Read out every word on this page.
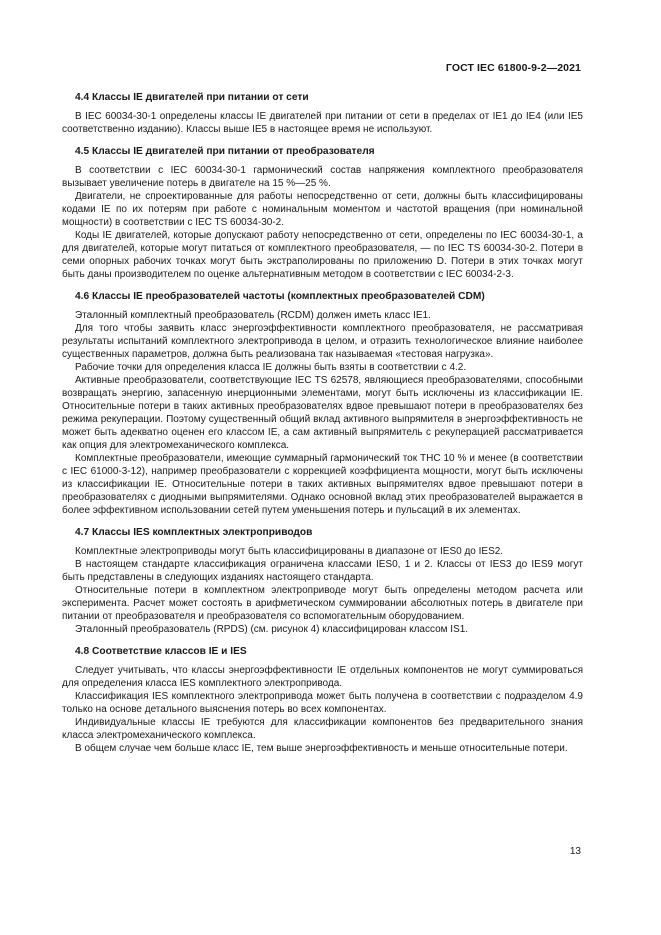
ГОСТ IEC 61800-9-2—2021

4.4 Классы IE двигателей при питании от сети

В IEC 60034-30-1 определены классы IE двигателей при питании от сети в пределах от IE1 до IE4 (или IE5 соответственно изданию). Классы выше IE5 в настоящее время не используют.

4.5 Классы IE двигателей при питании от преобразователя

В соответствии с IEC 60034-30-1 гармонический состав напряжения комплектного преобразователя вызывает увеличение потерь в двигателе на 15 %—25 %.

Двигатели, не спроектированные для работы непосредственно от сети, должны быть классифицированы кодами IE по их потерям при работе с номинальным моментом и частотой вращения (при номинальной мощности) в соответствии с IEC TS 60034-30-2.

Коды IE двигателей, которые допускают работу непосредственно от сети, определены по IEC 60034-30-1, а для двигателей, которые могут питаться от комплектного преобразователя, — по IEC TS 60034-30-2. Потери в семи опорных рабочих точках могут быть экстраполированы по приложению D. Потери в этих точках могут быть даны производителем по оценке альтернативным методом в соответствии с IEC 60034-2-3.

4.6 Классы IE преобразователей частоты (комплектных преобразователей CDM)

Эталонный комплектный преобразователь (RCDM) должен иметь класс IE1.

Для того чтобы заявить класс энергоэффективности комплектного преобразователя, не рассматривая результаты испытаний комплектного электропривода в целом, и отразить технологическое влияние наиболее существенных параметров, должна быть реализована так называемая «тестовая нагрузка».

Рабочие точки для определения класса IE должны быть взяты в соответствии с 4.2.

Активные преобразователи, соответствующие IEC TS 62578, являющиеся преобразователями, способными возвращать энергию, запасенную инерционными элементами, могут быть исключены из классификации IE. Относительные потери в таких активных преобразователях вдвое превышают потери в преобразователях без режима рекуперации. Поэтому существенный общий вклад активного выпрямителя в энергоэффективность не может быть адекватно оценен его классом IE, а сам активный выпрямитель с рекуперацией рассматривается как опция для электромеханического комплекса.

Комплектные преобразователи, имеющие суммарный гармонический ток THC 10 % и менее (в соответствии с IEC 61000-3-12), например преобразователи с коррекцией коэффициента мощности, могут быть исключены из классификации IE. Относительные потери в таких активных выпрямителях вдвое превышают потери в преобразователях с диодными выпрямителями. Однако основной вклад этих преобразователей выражается в более эффективном использовании сетей путем уменьшения потерь и пульсаций в их элементах.

4.7 Классы IES комплектных электроприводов

Комплектные электроприводы могут быть классифицированы в диапазоне от IES0 до IES2.

В настоящем стандарте классификация ограничена классами IES0, 1 и 2. Классы от IES3 до IES9 могут быть представлены в следующих изданиях настоящего стандарта.

Относительные потери в комплектном электроприводе могут быть определены методом расчета или эксперимента. Расчет может состоять в арифметическом суммировании абсолютных потерь в двигателе при питании от преобразователя и преобразователя со вспомогательным оборудованием.

Эталонный преобразователь (RPDS) (см. рисунок 4) классифицирован классом IS1.

4.8 Соответствие классов IE и IES

Следует учитывать, что классы энергоэффективности IE отдельных компонентов не могут суммироваться для определения класса IES комплектного электропривода.

Классификация IES комплектного электропривода может быть получена в соответствии с подразделом 4.9 только на основе детального выяснения потерь во всех компонентах.

Индивидуальные классы IE требуются для классификации компонентов без предварительного знания класса электромеханического комплекса.

В общем случае чем больше класс IE, тем выше энергоэффективность и меньше относительные потери.

13
